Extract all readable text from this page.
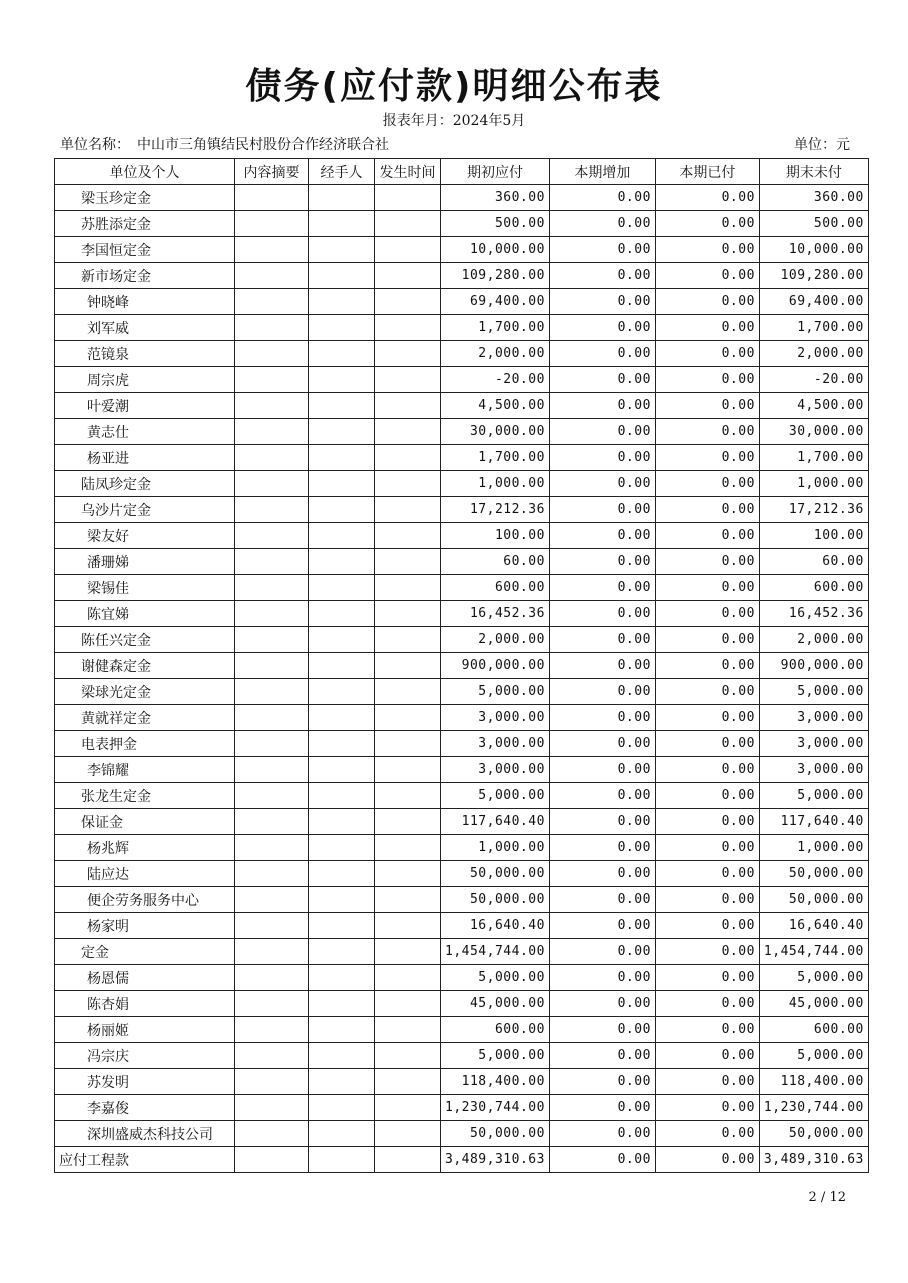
债务(应付款)明细公布表
报表年月：2024年5月
单位名称：　中山市三角镇结民村股份合作经济联合社	单位：元
单位及个人	内容摘要	经手人	发生时间	期初应付	本期增加	本期已付	期末未付
梁玉珍定金				360.00	0.00	0.00	360.00
苏胜添定金				500.00	0.00	0.00	500.00
李国恒定金				10,000.00	0.00	0.00	10,000.00
新市场定金				109,280.00	0.00	0.00	109,280.00
钟晓峰				69,400.00	0.00	0.00	69,400.00
刘军威				1,700.00	0.00	0.00	1,700.00
范镜泉				2,000.00	0.00	0.00	2,000.00
周宗虎				-20.00	0.00	0.00	-20.00
叶爱潮				4,500.00	0.00	0.00	4,500.00
黄志仕				30,000.00	0.00	0.00	30,000.00
杨亚进				1,700.00	0.00	0.00	1,700.00
陆凤珍定金				1,000.00	0.00	0.00	1,000.00
乌沙片定金				17,212.36	0.00	0.00	17,212.36
梁友好				100.00	0.00	0.00	100.00
潘珊娣				60.00	0.00	0.00	60.00
梁锡佳				600.00	0.00	0.00	600.00
陈宜娣				16,452.36	0.00	0.00	16,452.36
陈任兴定金				2,000.00	0.00	0.00	2,000.00
谢健森定金				900,000.00	0.00	0.00	900,000.00
梁球光定金				5,000.00	0.00	0.00	5,000.00
黄就祥定金				3,000.00	0.00	0.00	3,000.00
电表押金				3,000.00	0.00	0.00	3,000.00
李锦耀				3,000.00	0.00	0.00	3,000.00
张龙生定金				5,000.00	0.00	0.00	5,000.00
保证金				117,640.40	0.00	0.00	117,640.40
杨兆辉				1,000.00	0.00	0.00	1,000.00
陆应达				50,000.00	0.00	0.00	50,000.00
便企劳务服务中心				50,000.00	0.00	0.00	50,000.00
杨家明				16,640.40	0.00	0.00	16,640.40
定金				1,454,744.00	0.00	0.00	1,454,744.00
杨恩儒				5,000.00	0.00	0.00	5,000.00
陈杏娟				45,000.00	0.00	0.00	45,000.00
杨丽姬				600.00	0.00	0.00	600.00
冯宗庆				5,000.00	0.00	0.00	5,000.00
苏发明				118,400.00	0.00	0.00	118,400.00
李嘉俊				1,230,744.00	0.00	0.00	1,230,744.00
深圳盛威杰科技公司				50,000.00	0.00	0.00	50,000.00
应付工程款				3,489,310.63	0.00	0.00	3,489,310.63
2 / 12
